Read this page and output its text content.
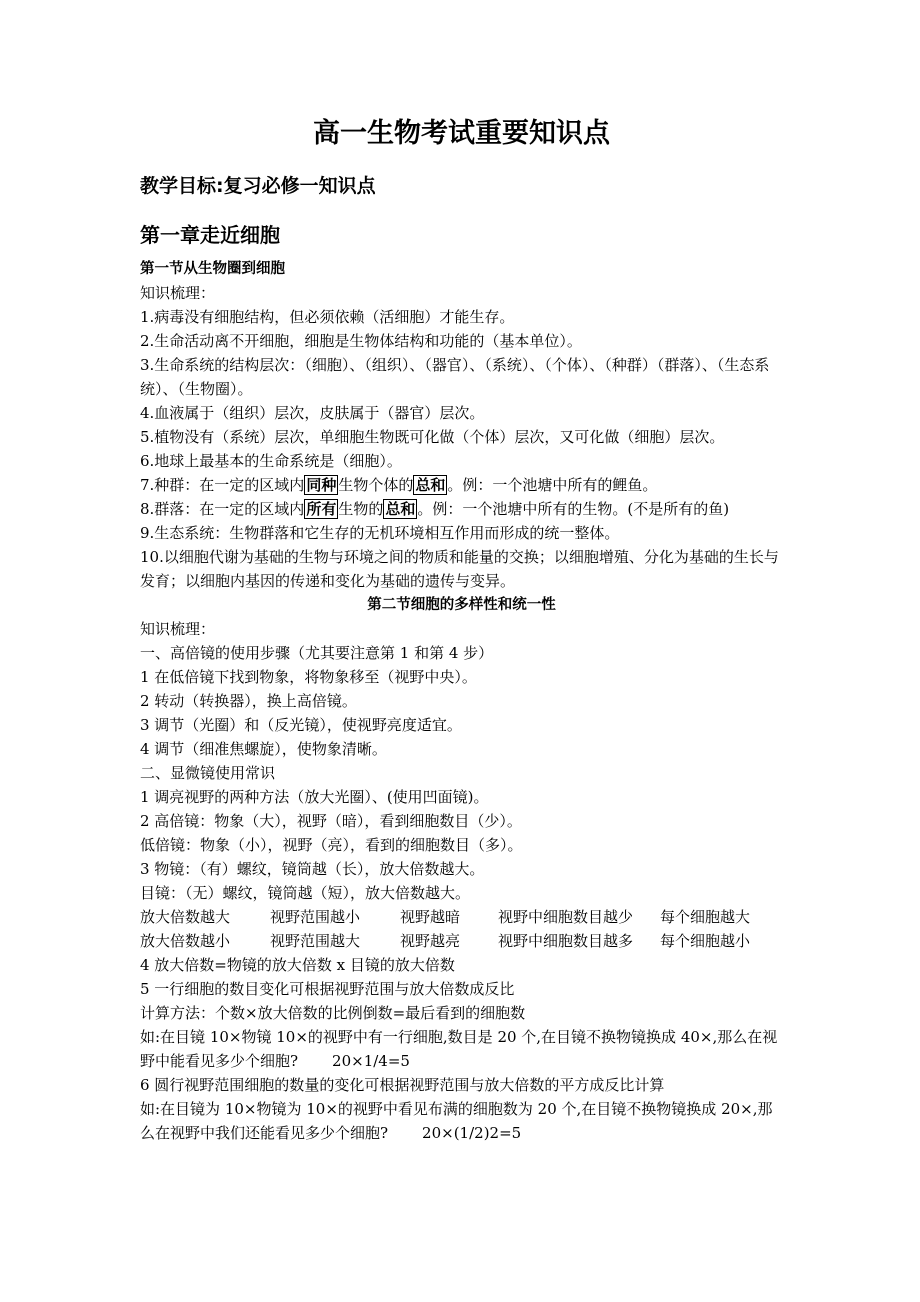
高一生物考试重要知识点
教学目标:复习必修一知识点
第一章走近细胞
第一节从生物圈到细胞
知识梳理：
1.病毒没有细胞结构，但必须依赖（活细胞）才能生存。
2.生命活动离不开细胞，细胞是生物体结构和功能的（基本单位）。
3.生命系统的结构层次：（细胞）、（组织）、（器官）、（系统）、（个体）、（种群）（群落）、（生态系统）、（生物圈）。
4.血液属于（组织）层次，皮肤属于（器官）层次。
5.植物没有（系统）层次，单细胞生物既可化做（个体）层次，又可化做（细胞）层次。
6.地球上最基本的生命系统是（细胞）。
7.种群：在一定的区域内 同种 生物个体的 总和 。例：一个池塘中所有的鲤鱼。
8.群落：在一定的区域内 所有 生物的 总和 。例：一个池塘中所有的生物。(不是所有的鱼)
9.生态系统：生物群落和它生存的无机环境相互作用而形成的统一整体。
10.以细胞代谢为基础的生物与环境之间的物质和能量的交换；以细胞增殖、分化为基础的生长与发育；以细胞内基因的传递和变化为基础的遗传与变异。
第二节细胞的多样性和统一性
知识梳理：
一、高倍镜的使用步骤（尤其要注意第 1 和第 4 步）
1 在低倍镜下找到物象，将物象移至（视野中央）。
2 转动（转换器），换上高倍镜。
3 调节（光圈）和（反光镜），使视野亮度适宜。
4 调节（细准焦螺旋），使物象清晰。
二、显微镜使用常识
1 调亮视野的两种方法（放大光圈）、(使用凹面镜)。
2 高倍镜：物象（大），视野（暗），看到细胞数目（少）。
低倍镜：物象（小），视野（亮），看到的细胞数目（多）。
3 物镜：（有）螺纹，镜筒越（长），放大倍数越大。
目镜：（无）螺纹，镜筒越（短），放大倍数越大。
放大倍数越大	视野范围越小	视野越暗	视野中细胞数目越少	每个细胞越大
放大倍数越小	视野范围越大	视野越亮	视野中细胞数目越多	每个细胞越小
4 放大倍数=物镜的放大倍数 x 目镜的放大倍数
5 一行细胞的数目变化可根据视野范围与放大倍数成反比
计算方法：个数×放大倍数的比例倒数=最后看到的细胞数
如:在目镜 10×物镜 10×的视野中有一行细胞,数目是 20 个,在目镜不换物镜换成 40×,那么在视野中能看见多少个细胞? 20×1/4=5
6 圆行视野范围细胞的数量的变化可根据视野范围与放大倍数的平方成反比计算
如:在目镜为 10×物镜为 10×的视野中看见布满的细胞数为 20 个,在目镜不换物镜换成 20×,那么在视野中我们还能看见多少个细胞? 20×(1/2)2=5
